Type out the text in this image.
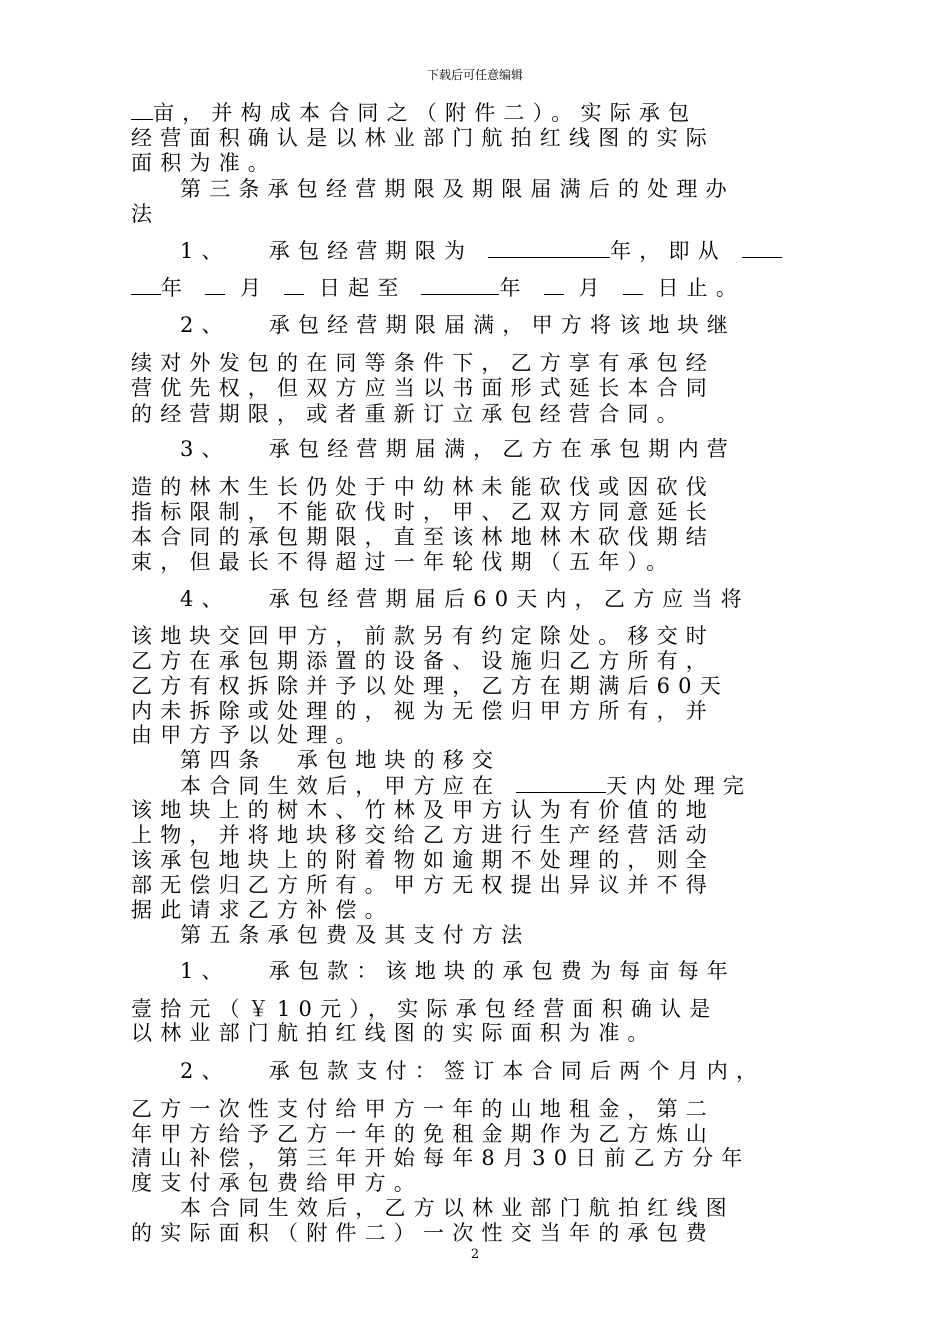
下载后可任意编辑
亩，并构成本合同之（附件二）。实际承包
经营面积确认是以林业部门航拍红线图的实际
面积为准。
第三条承包经营期限及期限届满后的处理办
法
1、 承包经营期限为	年，即从
年 月 日起至	年 月 日止。
2、 承包经营期限届满，甲方将该地块继
续对外发包的在同等条件下，乙方享有承包经
营优先权，但双方应当以书面形式延长本合同
的经营期限，或者重新订立承包经营合同。
3、 承包经营期届满，乙方在承包期内营
造的林木生长仍处于中幼林未能砍伐或因砍伐
指标限制，不能砍伐时，甲、乙双方同意延长
本合同的承包期限，直至该林地林木砍伐期结
束，但最长不得超过一年轮伐期（五年）。
4、 承包经营期届后60天内，乙方应当将
该地块交回甲方，前款另有约定除处。移交时
乙方在承包期添置的设备、设施归乙方所有，
乙方有权拆除并予以处理，乙方在期满后60天
内未拆除或处理的，视为无偿归甲方所有，并
由甲方予以处理。
第四条　承包地块的移交
本合同生效后，甲方应在	天内处理完
该地块上的树木、竹林及甲方认为有价值的地
上物，并将地块移交给乙方进行生产经营活动
该承包地块上的附着物如逾期不处理的，则全
部无偿归乙方所有。甲方无权提出异议并不得
据此请求乙方补偿。
第五条承包费及其支付方法
1、 承包款：该地块的承包费为每亩每年
壹拾元（￥10元），实际承包经营面积确认是
以林业部门航拍红线图的实际面积为准。
2、 承包款支付：签订本合同后两个月内，
乙方一次性支付给甲方一年的山地租金，第二
年甲方给予乙方一年的免租金期作为乙方炼山
清山补偿，第三年开始每年8月30日前乙方分年
度支付承包费给甲方。
本合同生效后，乙方以林业部门航拍红线图
的实际面积（附件二）一次性交当年的承包费
2
